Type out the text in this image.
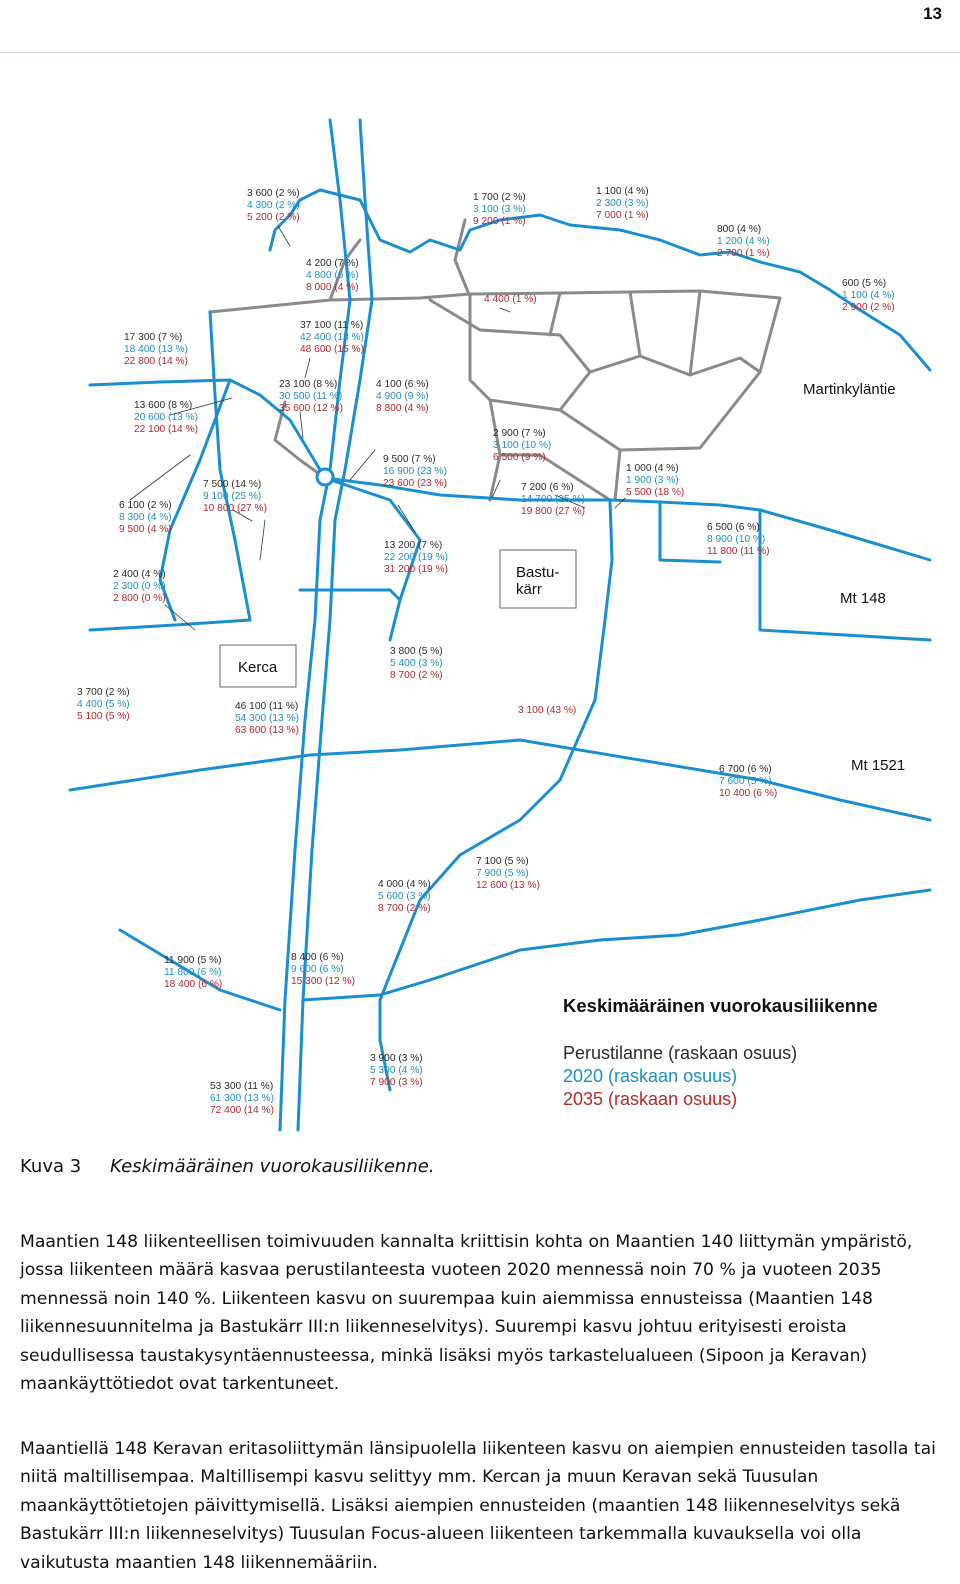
13
Kerca
Bastu-
kärr
Martinkyläntie
Mt 148
Mt 1521
3 600 (2 %)
4 300 (2 %)
5 200 (2 %)
1 700 (2 %)
3 100 (3 %)
9 200 (1 %)
1 100 (4 %)
2 300 (3 %)
7 000 (1 %)
800 (4 %)
1 200 (4 %)
2 700 (1 %)
4 200 (7 %)
4 800 (6 %)
8 000 (4 %)
4 400 (1 %)
600 (5 %)
1 100 (4 %)
2 900 (2 %)
17 300 (7 %)
18 400 (13 %)
22 800 (14 %)
37 100 (11 %)
42 400 (13 %)
48 600 (15 %)
23 100 (8 %)
30 500 (11 %)
35 600 (12 %)
4 100 (6 %)
4 900 (9 %)
8 800 (4 %)
13 600 (8 %)
20 600 (13 %)
22 100 (14 %)	2 900 (7 %)
3 100 (10 %)
6 500 (9 %)
9 500 (7 %)
16 900 (23 %)
23 600 (23 %)
1 000 (4 %)
1 900 (3 %)
5 500 (18 %)
7 500 (14 %)
9 100 (25 %)
10 800 (27 %)
7 200 (6 %)
14 700 (25 %)
19 800 (27 %)
6 100 (2 %)
8 300 (4 %)
9 500 (4 %)	6 500 (6 %)
8 900 (10 %)
11 800 (11 %)
13 200 (7 %)
22 200 (19 %)
31 200 (19 %)
2 400 (4 %)
2 300 (0 %)
2 800 (0 %)
3 800 (5 %)
5 400 (3 %)
8 700 (2 %)
3 700 (2 %)
4 400 (5 %)
5 100 (5 %)
46 100 (11 %)
54 300 (13 %)
63 600 (13 %)
3 100 (43 %)
6 700 (6 %)
7 600 (5 %)
10 400 (6 %)
7 100 (5 %)
7 900 (5 %)
12 600 (13 %)
4 000 (4 %)
5 600 (3 %)
8 700 (2 %)
11 900 (5 %)
11 800 (6 %)
18 400 (6 %)
8 400 (6 %)
9 600 (6 %)
15 300 (12 %)
3 900 (3 %)
5 300 (4 %)
7 900 (3 %)
53 300 (11 %)
61 300 (13 %)
72 400 (14 %)
Keskimääräinen vuorokausiliikenne
Perustilanne (raskaan osuus)
2020 (raskaan osuus)
2035 (raskaan osuus)
Kuva 3 Keskimääräinen vuorokausiliikenne.

Maantien 148 liikenteellisen toimivuuden kannalta kriittisin kohta on Maantien 140 liittymän ympäristö, jossa liikenteen määrä kasvaa perustilanteesta vuoteen 2020 mennessä noin 70 % ja vuoteen 2035 mennessä noin 140 %. Liikenteen kasvu on suurempaa kuin aiemmissa ennusteissa (Maantien 148 liikennesuunnitelma ja Bastukärr III:n liikenneselvitys). Suurempi kasvu johtuu erityisesti eroista seudullisessa taustakysyntäennusteessa, minkä lisäksi myös tarkastelualueen (Sipoon ja Keravan) maankäyttötiedot ovat tarkentuneet.

Maantiellä 148 Keravan eritasoliittymän länsipuolella liikenteen kasvu on aiempien ennusteiden tasolla tai niitä maltillisempaa. Maltillisempi kasvu selittyy mm. Kercan ja muun Keravan sekä Tuusulan maankäyttötietojen päivittymisellä. Lisäksi aiempien ennusteiden (maantien 148 liikenneselvitys sekä Bastukärr III:n liikenneselvitys) Tuusulan Focus-alueen liikenteen tarkemmalla kuvauksella voi olla vaikutusta maantien 148 liikennemääriin.
